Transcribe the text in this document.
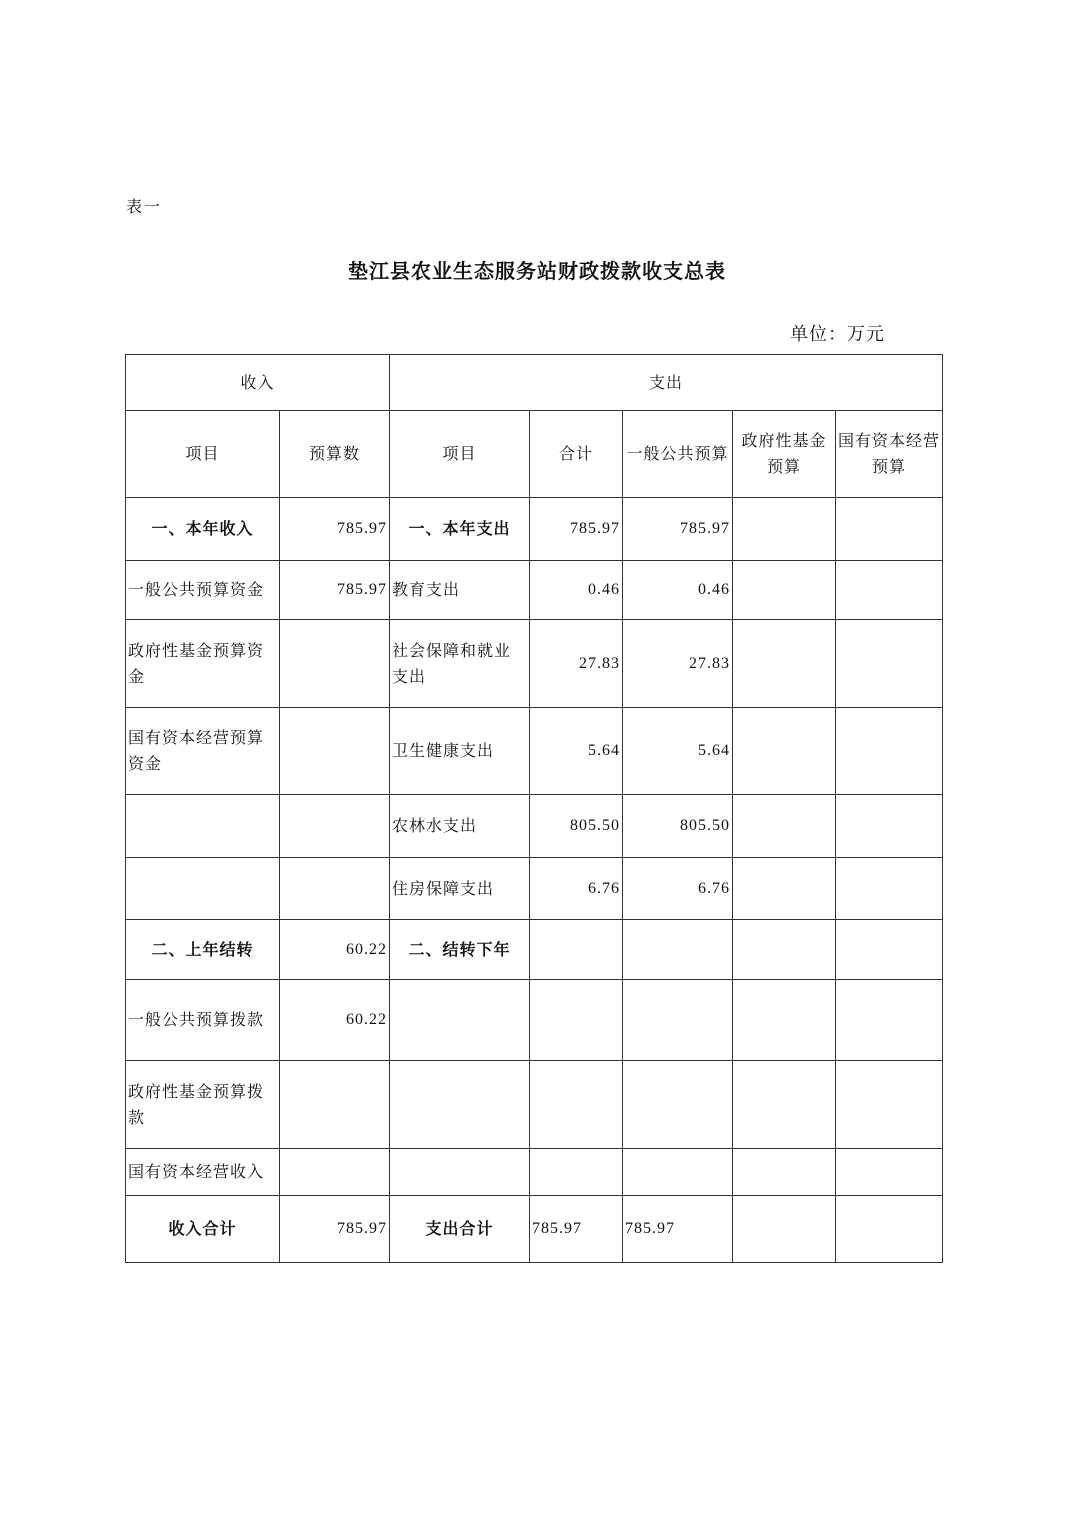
表一
垫江县农业生态服务站财政拨款收支总表
单位：万元
收入		支出				
项目	预算数	项目	合计	一般公共预算	政府性基金预算	国有资本经营预算
一、本年收入	785.97	一、本年支出	785.97	785.97		
一般公共预算资金	785.97	教育支出	0.46	0.46		
政府性基金预算资金		社会保障和就业支出	27.83	27.83		
国有资本经营预算资金		卫生健康支出	5.64	5.64		
		农林水支出	805.50	805.50		
		住房保障支出	6.76	6.76		
二、上年结转	60.22	二、结转下年				
一般公共预算拨款	60.22					
政府性基金预算拨款						
国有资本经营收入						
收入合计	785.97	支出合计	785.97	785.97		
